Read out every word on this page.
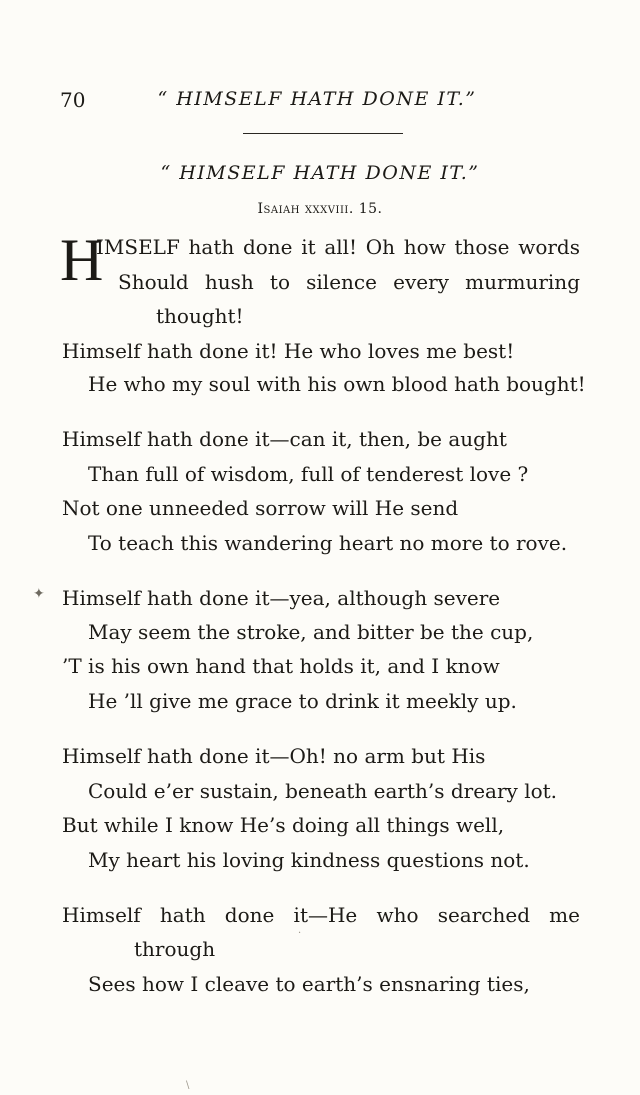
70	“ HIMSELF HATH DONE IT.”
“ HIMSELF HATH DONE IT.”
Isaiah xxxviii. 15.
H
IMSELF hath done it all! Oh how those words
Should hush to silence every murmuring
thought!
Himself hath done it! He who loves me best!
He who my soul with his own blood hath bought!
Himself hath done it—can it, then, be aught
Than full of wisdom, full of tenderest love ?
Not one unneeded sorrow will He send
To teach this wandering heart no more to rove.
✦ Himself hath done it—yea, although severe
May seem the stroke, and bitter be the cup,
’T is his own hand that holds it, and I know
He ’ll give me grace to drink it meekly up.
Himself hath done it—Oh! no arm but His
Could e’er sustain, beneath earth’s dreary lot.
But while I know He’s doing all things well,
My heart his loving kindness questions not.
Himself hath done it—He who searched me
through
Sees how I cleave to earth’s ensnaring ties,
·
\
